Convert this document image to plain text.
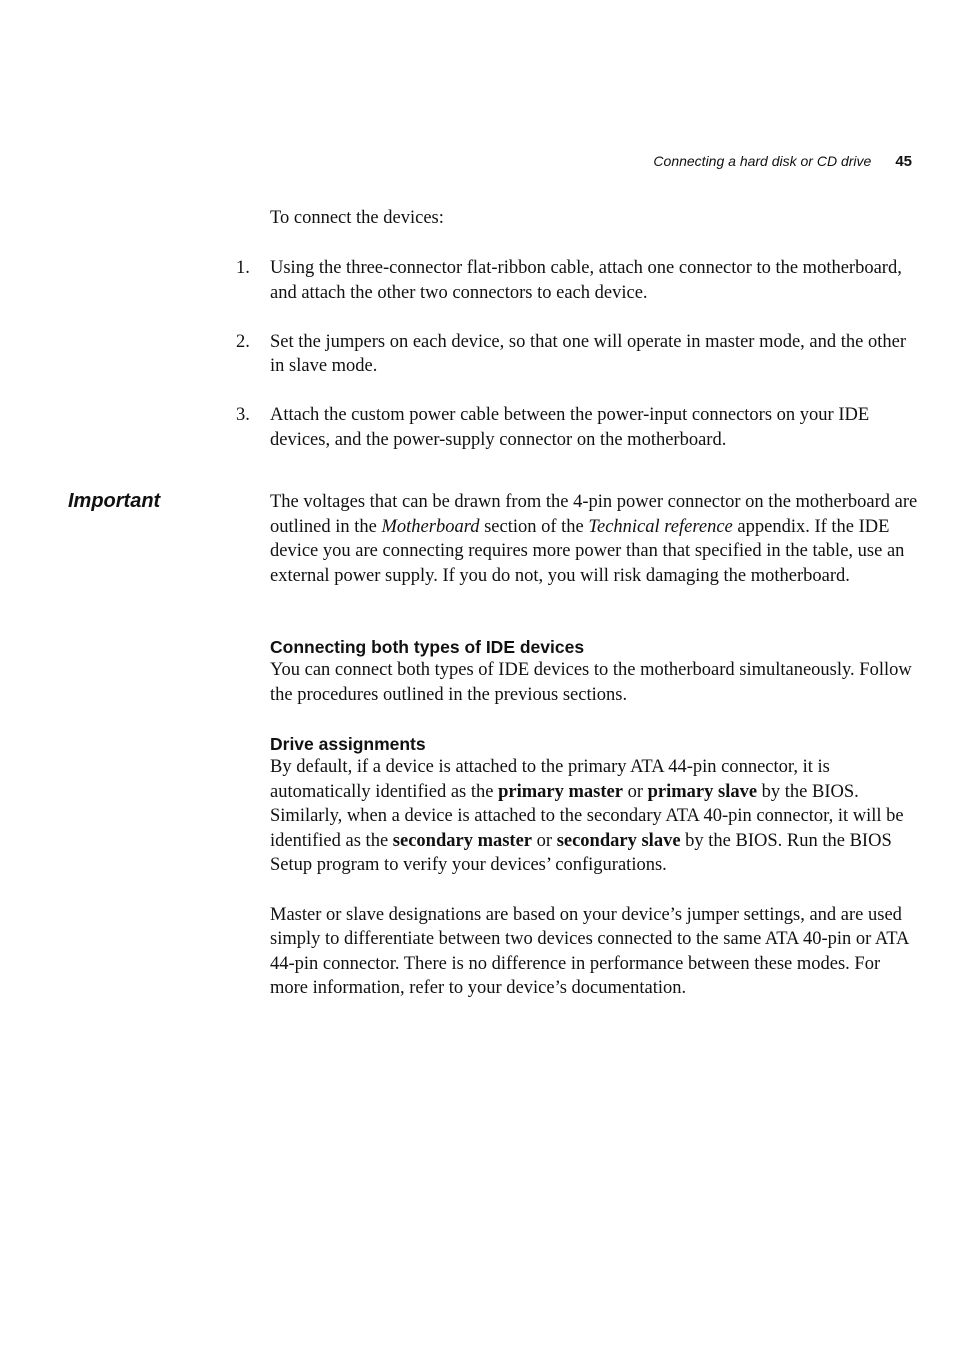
Connecting a hard disk or CD drive 45

To connect the devices:

1.	Using the three-connector flat-ribbon cable, attach one connector to the motherboard, and attach the other two connectors to each device.
2.	Set the jumpers on each device, so that one will operate in master mode, and the other in slave mode.
3.	Attach the custom power cable between the power-input connectors on your IDE devices, and the power-supply connector on the motherboard.
Important	The voltages that can be drawn from the 4-pin power connector on the motherboard are outlined in the Motherboard section of the Technical reference appendix. If the IDE device you are connecting requires more power than that specified in the table, use an external power supply. If you do not, you will risk damaging the motherboard.

Connecting both types of IDE devices

You can connect both types of IDE devices to the motherboard simultaneously. Follow the procedures outlined in the previous sections.

Drive assignments

By default, if a device is attached to the primary ATA 44-pin connector, it is automatically identified as the primary master or primary slave by the BIOS. Similarly, when a device is attached to the secondary ATA 40-pin connector, it will be identified as the secondary master or secondary slave by the BIOS. Run the BIOS Setup program to verify your devices’ configurations.

Master or slave designations are based on your device’s jumper settings, and are used simply to differentiate between two devices connected to the same ATA 40-pin or ATA 44-pin connector. There is no difference in performance between these modes. For more information, refer to your device’s documentation.
